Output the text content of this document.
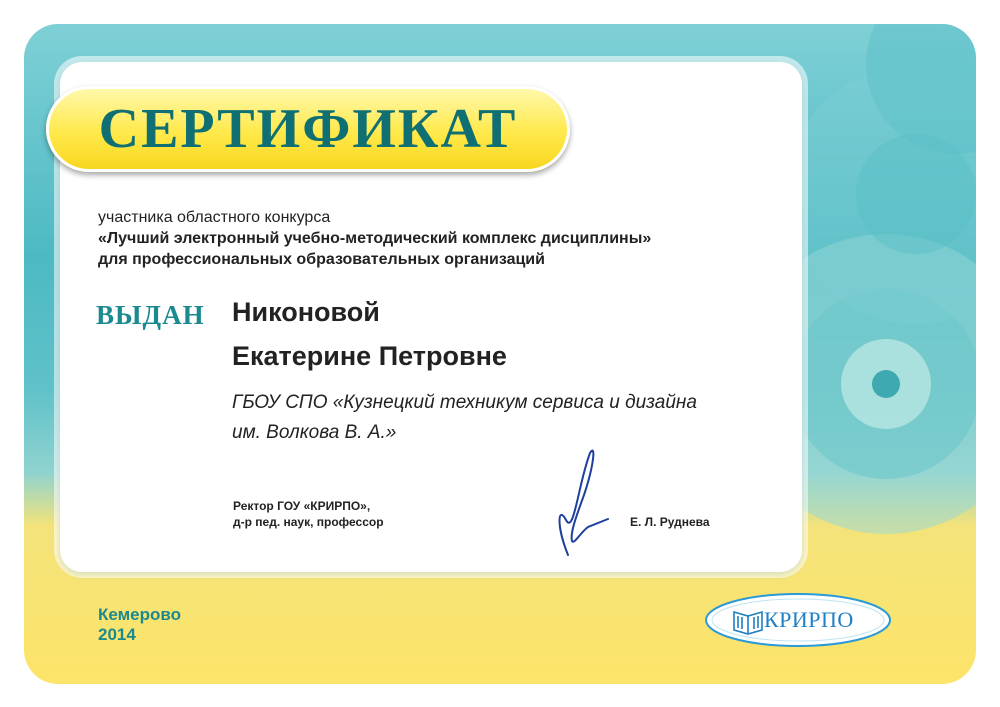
СЕРТИФИКАТ
участника областного конкурса
«Лучший электронный учебно-методический комплекс дисциплины»
для профессиональных образовательных организаций
ВЫДАН Никоновой
Екатерине Петровне
ГБОУ СПО «Кузнецкий техникум сервиса и дизайна
им. Волкова В. А.»
Ректор ГОУ «КРИРПО»,
д-р пед. наук, профессор	Е. Л. Руднева
Кемерово
2014
КРИРПО
